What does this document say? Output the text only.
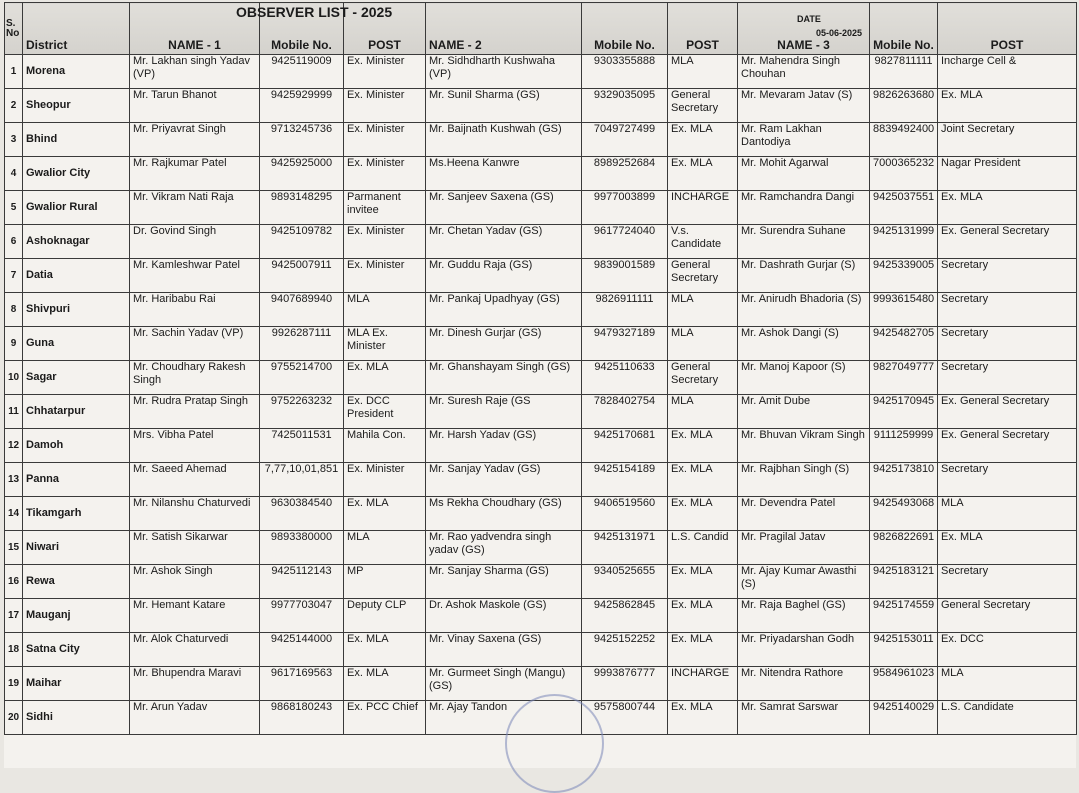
S. No	District	NAME - 1	Mobile No.	POST	NAME - 2	Mobile No.	POST	NAME - 3	Mobile No.	POST
1	Morena	Mr. Lakhan singh Yadav (VP)	9425119009	Ex. Minister	Mr. Sidhdharth Kushwaha (VP)	9303355888	MLA	Mr. Mahendra Singh Chouhan	9827811111	Incharge Cell &
2	Sheopur	Mr. Tarun Bhanot	9425929999	Ex. Minister	Mr. Sunil Sharma (GS)	9329035095	General Secretary	Mr. Mevaram Jatav (S)	9826263680	Ex. MLA
3	Bhind	Mr. Priyavrat Singh	9713245736	Ex. Minister	Mr. Baijnath Kushwah (GS)	7049727499	Ex. MLA	Mr. Ram Lakhan Dantodiya	8839492400	Joint Secretary
4	Gwalior City	Mr. Rajkumar Patel	9425925000	Ex. Minister	Ms.Heena Kanwre	8989252684	Ex. MLA	Mr. Mohit Agarwal	7000365232	Nagar President
5	Gwalior Rural	Mr. Vikram Nati Raja	9893148295	Parmanent invitee	Mr. Sanjeev Saxena (GS)	9977003899	INCHARGE	Mr. Ramchandra Dangi	9425037551	Ex. MLA
6	Ashoknagar	Dr. Govind Singh	9425109782	Ex. Minister	Mr. Chetan Yadav (GS)	9617724040	V.s. Candidate	Mr. Surendra Suhane	9425131999	Ex. General Secretary
7	Datia	Mr. Kamleshwar Patel	9425007911	Ex. Minister	Mr. Guddu Raja (GS)	9839001589	General Secretary	Mr. Dashrath Gurjar (S)	9425339005	Secretary
8	Shivpuri	Mr. Haribabu Rai	9407689940	MLA	Mr. Pankaj Upadhyay (GS)	9826911111	MLA	Mr. Anirudh Bhadoria (S)	9993615480	Secretary
9	Guna	Mr. Sachin Yadav (VP)	9926287111	MLA Ex. Minister	Mr. Dinesh Gurjar (GS)	9479327189	MLA	Mr. Ashok Dangi (S)	9425482705	Secretary
10	Sagar	Mr. Choudhary Rakesh Singh	9755214700	Ex. MLA	Mr. Ghanshayam Singh (GS)	9425110633	General Secretary	Mr. Manoj Kapoor (S)	9827049777	Secretary
11	Chhatarpur	Mr. Rudra Pratap Singh	9752263232	Ex. DCC President	Mr. Suresh Raje (GS	7828402754	MLA	Mr. Amit Dube	9425170945	Ex. General Secretary
12	Damoh	Mrs. Vibha Patel	7425011531	Mahila Con.	Mr. Harsh Yadav (GS)	9425170681	Ex. MLA	Mr. Bhuvan Vikram Singh	9111259999	Ex. General Secretary
13	Panna	Mr. Saeed Ahemad	7,77,10,01,851	Ex. Minister	Mr. Sanjay Yadav (GS)	9425154189	Ex. MLA	Mr. Rajbhan Singh (S)	9425173810	Secretary
14	Tikamgarh	Mr. Nilanshu Chaturvedi	9630384540	Ex. MLA	Ms Rekha Choudhary (GS)	9406519560	Ex. MLA	Mr. Devendra Patel	9425493068	MLA
15	Niwari	Mr. Satish Sikarwar	9893380000	MLA	Mr. Rao yadvendra singh yadav (GS)	9425131971	L.S. Candid	Mr. Pragilal Jatav	9826822691	Ex. MLA
16	Rewa	Mr. Ashok Singh	9425112143	MP	Mr. Sanjay Sharma (GS)	9340525655	Ex. MLA	Mr. Ajay Kumar Awasthi (S)	9425183121	Secretary
17	Mauganj	Mr. Hemant Katare	9977703047	Deputy CLP	Dr. Ashok Maskole (GS)	9425862845	Ex. MLA	Mr. Raja Baghel (GS)	9425174559	General Secretary
18	Satna City	Mr. Alok Chaturvedi	9425144000	Ex. MLA	Mr. Vinay Saxena (GS)	9425152252	Ex. MLA	Mr. Priyadarshan Godh	9425153011	Ex. DCC
19	Maihar	Mr. Bhupendra Maravi	9617169563	Ex. MLA	Mr. Gurmeet Singh (Mangu) (GS)	9993876777	INCHARGE	Mr. Nitendra Rathore	9584961023	MLA
20	Sidhi	Mr. Arun Yadav	9868180243	Ex. PCC Chief	Mr. Ajay Tandon	9575800744	Ex. MLA	Mr. Samrat Sarswar	9425140029	L.S. Candidate
OBSERVER LIST - 2025	DATE
05-06-2025
